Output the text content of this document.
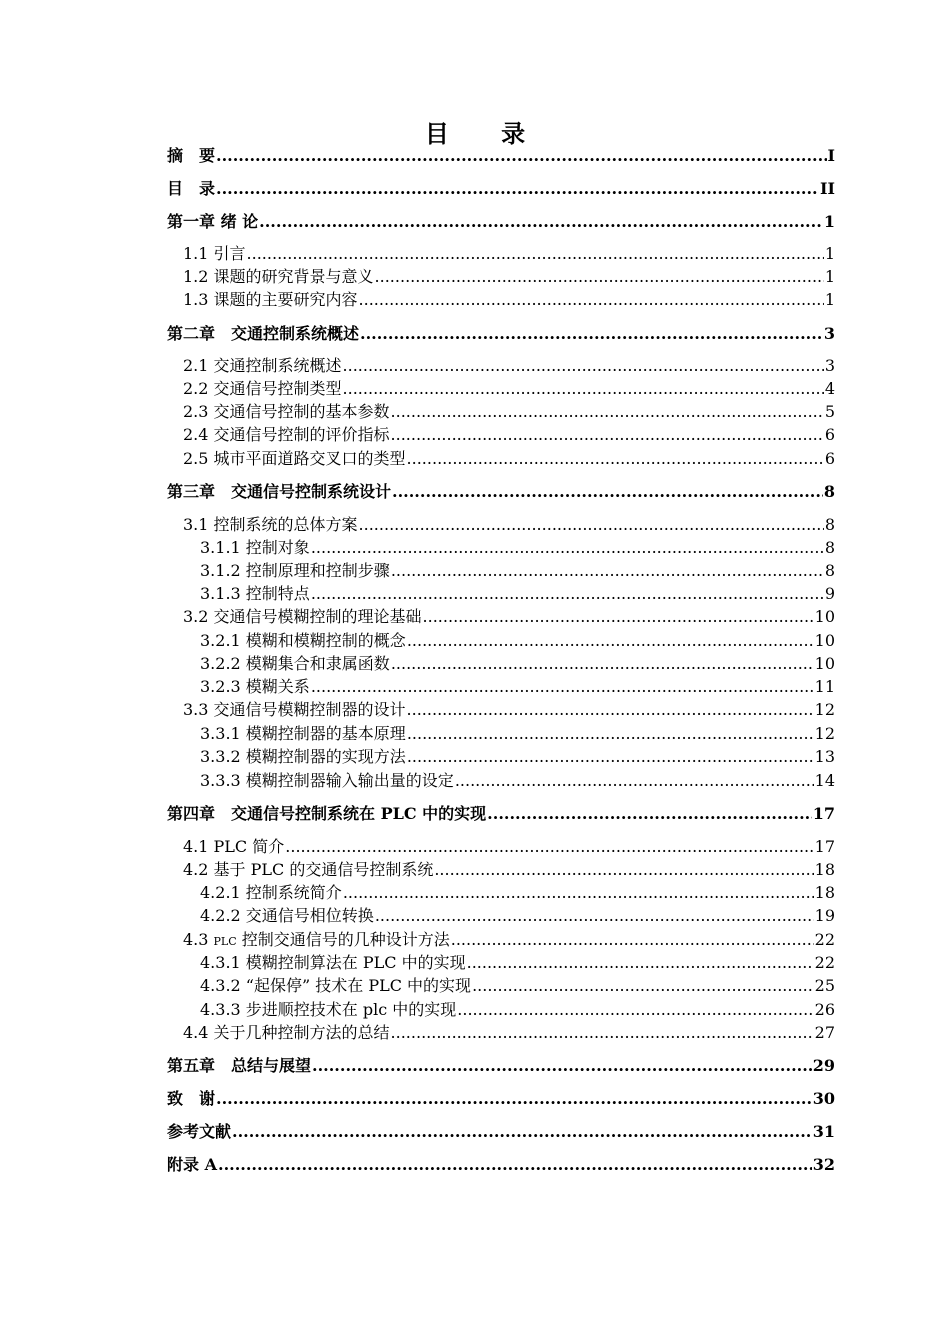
目 录
摘　要 .....	I
目　录 .....	II
第一章 绪 论 .....	1
1.1 引言 .....	1
1.2 课题的研究背景与意义 .....	1
1.3 课题的主要研究内容 .....	1
第二章　交通控制系统概述 .....	3
2.1 交通控制系统概述 .....	3
2.2 交通信号控制类型 .....	4
2.3 交通信号控制的基本参数 .....	5
2.4 交通信号控制的评价指标 .....	6
2.5 城市平面道路交叉口的类型 .....	6
第三章　交通信号控制系统设计 .....	8
3.1 控制系统的总体方案 .....	8
3.1.1 控制对象 .....	8
3.1.2 控制原理和控制步骤 .....	8
3.1.3 控制特点 .....	9
3.2 交通信号模糊控制的理论基础 .....	10
3.2.1 模糊和模糊控制的概念 .....	10
3.2.2 模糊集合和隶属函数 .....	10
3.2.3 模糊关系 .....	11
3.3 交通信号模糊控制器的设计 .....	12
3.3.1 模糊控制器的基本原理 .....	12
3.3.2 模糊控制器的实现方法 .....	13
3.3.3 模糊控制器输入输出量的设定 .....	14
第四章　交通信号控制系统在 PLC 中的实现 .....	17
4.1 PLC 简介 .....	17
4.2 基于 PLC 的交通信号控制系统 .....	18
4.2.1 控制系统简介 .....	18
4.2.2 交通信号相位转换 .....	19
4.3 PLC 控制交通信号的几种设计方法 .....	22
4.3.1 模糊控制算法在 PLC 中的实现 .....	22
4.3.2 “起保停” 技术在 PLC 中的实现 .....	25
4.3.3 步进顺控技术在 plc 中的实现 .....	26
4.4 关于几种控制方法的总结 .....	27
第五章　总结与展望 .....	29
致　谢 .....	30
参考文献 .....	31
附录 A .....	32
